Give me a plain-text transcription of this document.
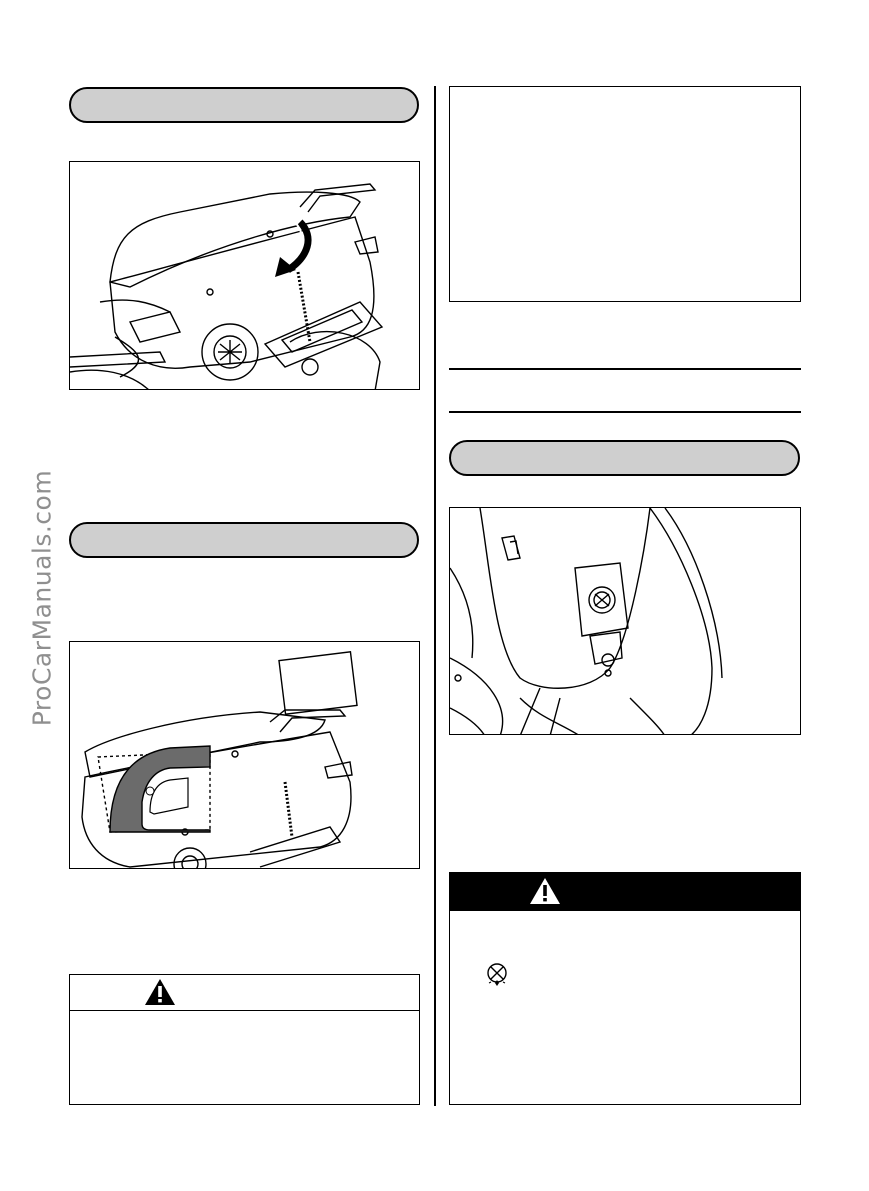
ProCarManuals.com
